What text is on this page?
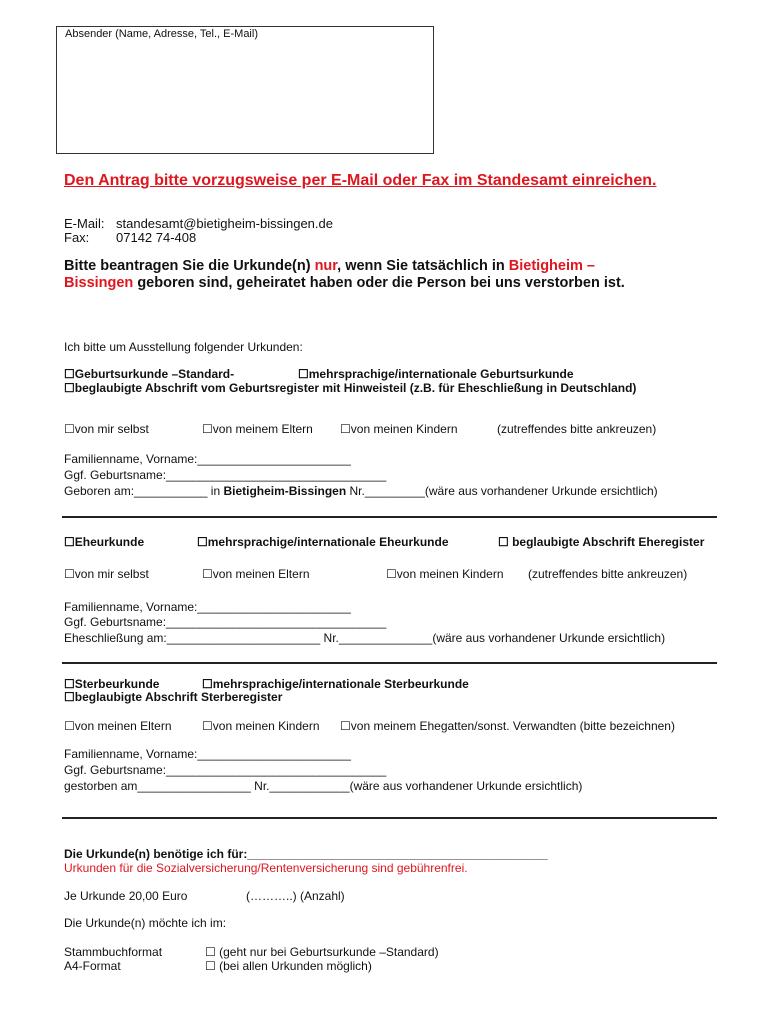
Absender (Name, Adresse, Tel., E-Mail)
Den Antrag bitte vorzugsweise per E-Mail oder Fax im Standesamt einreichen.
E-Mail: standesamt@bietigheim-bissingen.de
Fax: 07142 74-408
Bitte beantragen Sie die Urkunde(n) nur, wenn Sie tatsächlich in Bietigheim – Bissingen geboren sind, geheiratet haben oder die Person bei uns verstorben ist.
Ich bitte um Ausstellung folgender Urkunden:
☐ Geburtsurkunde –Standard-	☐ mehrsprachige/internationale Geburtsurkunde
☐ beglaubigte Abschrift vom Geburtsregister mit Hinweisteil (z.B. für Eheschließung in Deutschland)
☐ von mir selbst	☐ von meinem Eltern	☐ von meinen Kindern	(zutreffendes bitte ankreuzen)
Familienname, Vorname:_______________________
Ggf. Geburtsname:_________________________________
Geboren am:___________ in Bietigheim-Bissingen Nr._________(wäre aus vorhandener Urkunde ersichtlich)
☐ Eheurkunde	☐ mehrsprachige/internationale Eheurkunde	☐ beglaubigte Abschrift Eheregister
☐ von mir selbst	☐ von meinen Eltern	☐ von meinen Kindern (zutreffendes bitte ankreuzen)
Familienname, Vorname:_______________________
Ggf. Geburtsname:_________________________________
Eheschließung am:_______________________ Nr.______________(wäre aus vorhandener Urkunde ersichtlich)
☐ Sterbeurkunde	☐ mehrsprachige/internationale Sterbeurkunde
☐ beglaubigte Abschrift Sterberegister
☐ von meinen Eltern	☐ von meinen Kindern	☐ von meinem Ehegatten/sonst. Verwandten (bitte bezeichnen)
Familienname, Vorname:_______________________
Ggf. Geburtsname:_________________________________
gestorben am_________________ Nr.____________(wäre aus vorhandener Urkunde ersichtlich)
Die Urkunde(n) benötige ich für:_____________________________________________
Urkunden für die Sozialversicherung/Rentenversicherung sind gebührenfrei.
Je Urkunde 20,00 Euro	(………..) (Anzahl)
Die Urkunde(n) möchte ich im:
Stammbuchformat	☐ (geht nur bei Geburtsurkunde –Standard)
A4-Format	☐ (bei allen Urkunden möglich)
